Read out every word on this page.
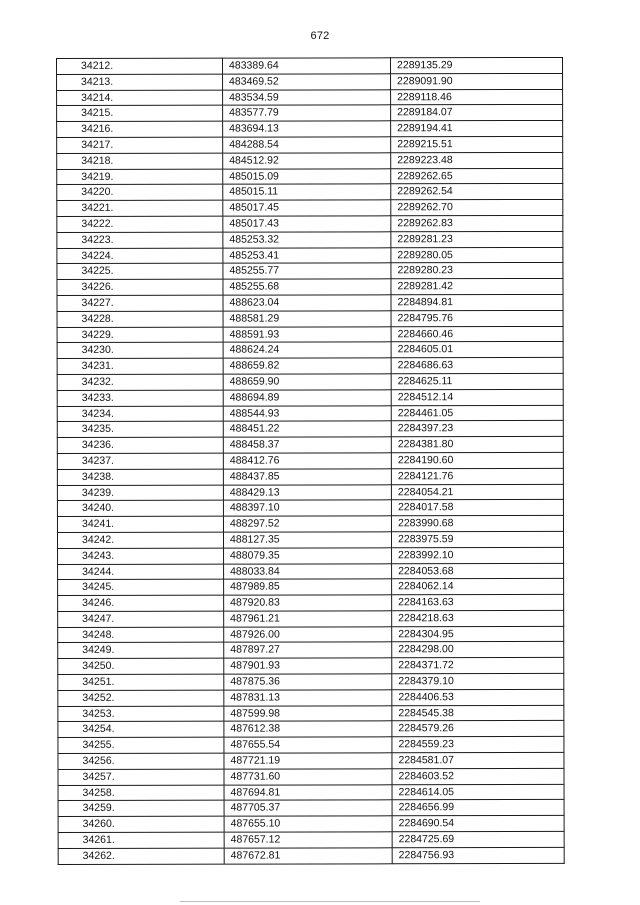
672
34212.	483389.64	2289135.29
34213.	483469.52	2289091.90
34214.	483534.59	2289118.46
34215.	483577.79	2289184.07
34216.	483694.13	2289194.41
34217.	484288.54	2289215.51
34218.	484512.92	2289223.48
34219.	485015.09	2289262.65
34220.	485015.11	2289262.54
34221.	485017.45	2289262.70
34222.	485017.43	2289262.83
34223.	485253.32	2289281.23
34224.	485253.41	2289280.05
34225.	485255.77	2289280.23
34226.	485255.68	2289281.42
34227.	488623.04	2284894.81
34228.	488581.29	2284795.76
34229.	488591.93	2284660.46
34230.	488624.24	2284605.01
34231.	488659.82	2284686.63
34232.	488659.90	2284625.11
34233.	488694.89	2284512.14
34234.	488544.93	2284461.05
34235.	488451.22	2284397.23
34236.	488458.37	2284381.80
34237.	488412.76	2284190.60
34238.	488437.85	2284121.76
34239.	488429.13	2284054.21
34240.	488397.10	2284017.58
34241.	488297.52	2283990.68
34242.	488127.35	2283975.59
34243.	488079.35	2283992.10
34244.	488033.84	2284053.68
34245.	487989.85	2284062.14
34246.	487920.83	2284163.63
34247.	487961.21	2284218.63
34248.	487926.00	2284304.95
34249.	487897.27	2284298.00
34250.	487901.93	2284371.72
34251.	487875.36	2284379.10
34252.	487831.13	2284406.53
34253.	487599.98	2284545.38
34254.	487612.38	2284579.26
34255.	487655.54	2284559.23
34256.	487721.19	2284581.07
34257.	487731.60	2284603.52
34258.	487694.81	2284614.05
34259.	487705.37	2284656.99
34260.	487655.10	2284690.54
34261.	487657.12	2284725.69
34262.	487672.81	2284756.93
